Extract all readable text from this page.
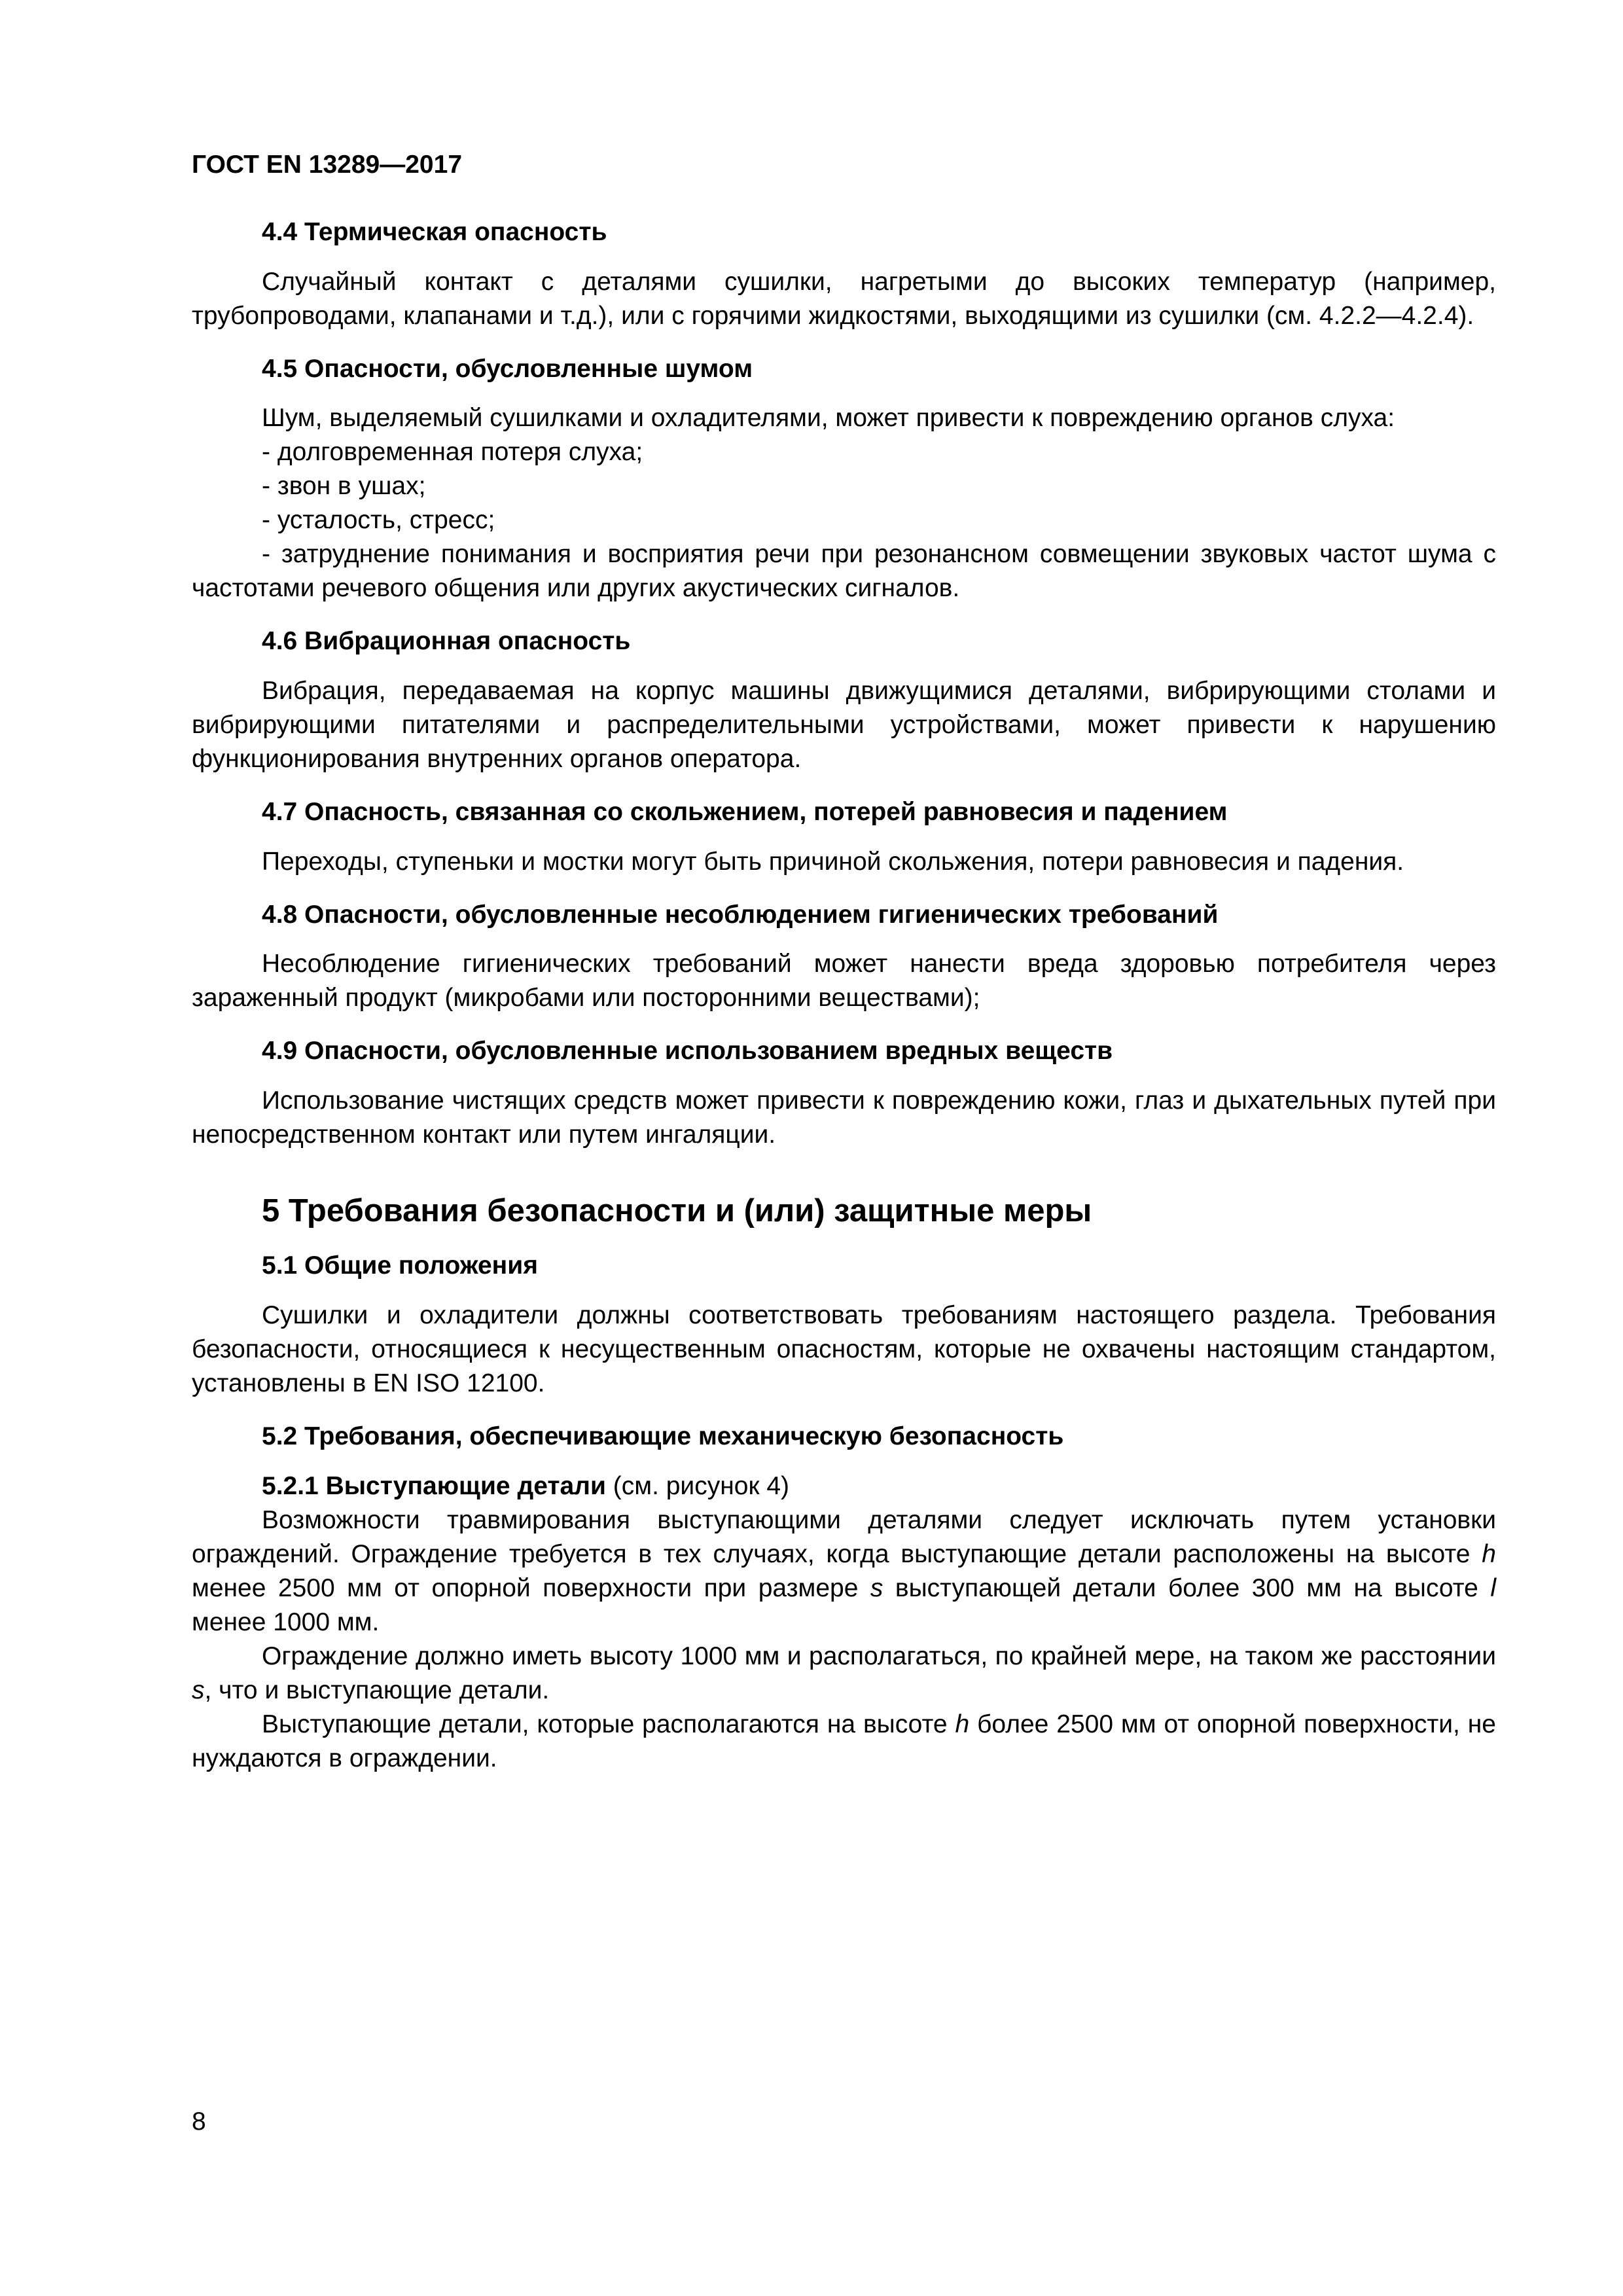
ГОСТ EN 13289—2017

4.4 Термическая опасность

Случайный контакт с деталями сушилки, нагретыми до высоких температур (например, трубопроводами, клапанами и т.д.), или с горячими жидкостями, выходящими из сушилки (см. 4.2.2—4.2.4).

4.5 Опасности, обусловленные шумом

Шум, выделяемый сушилками и охладителями, может привести к повреждению органов слуха:

- долговременная потеря слуха;

- звон в ушах;

- усталость, стресс;

- затруднение понимания и восприятия речи при резонансном совмещении звуковых частот шума с частотами речевого общения или других акустических сигналов.

4.6 Вибрационная опасность

Вибрация, передаваемая на корпус машины движущимися деталями, вибрирующими столами и вибрирующими питателями и распределительными устройствами, может привести к нарушению функционирования внутренних органов оператора.

4.7 Опасность, связанная со скольжением, потерей равновесия и падением

Переходы, ступеньки и мостки могут быть причиной скольжения, потери равновесия и падения.

4.8 Опасности, обусловленные несоблюдением гигиенических требований

Несоблюдение гигиенических требований может нанести вреда здоровью потребителя через зараженный продукт (микробами или посторонними веществами);

4.9 Опасности, обусловленные использованием вредных веществ

Использование чистящих средств может привести к повреждению кожи, глаз и дыхательных путей при непосредственном контакт или путем ингаляции.

5 Требования безопасности и (или) защитные меры
5.1 Общие положения

Сушилки и охладители должны соответствовать требованиям настоящего раздела. Требования безопасности, относящиеся к несущественным опасностям, которые не охвачены настоящим стандартом, установлены в EN ISO 12100.

5.2 Требования, обеспечивающие механическую безопасность

5.2.1 Выступающие детали (см. рисунок 4)

Возможности травмирования выступающими деталями следует исключать путем установки ограждений. Ограждение требуется в тех случаях, когда выступающие детали расположены на высоте h менее 2500 мм от опорной поверхности при размере s выступающей детали более 300 мм на высоте l менее 1000 мм.

Ограждение должно иметь высоту 1000 мм и располагаться, по крайней мере, на таком же расстоянии s, что и выступающие детали.

Выступающие детали, которые располагаются на высоте h более 2500 мм от опорной поверхности, не нуждаются в ограждении.

8
